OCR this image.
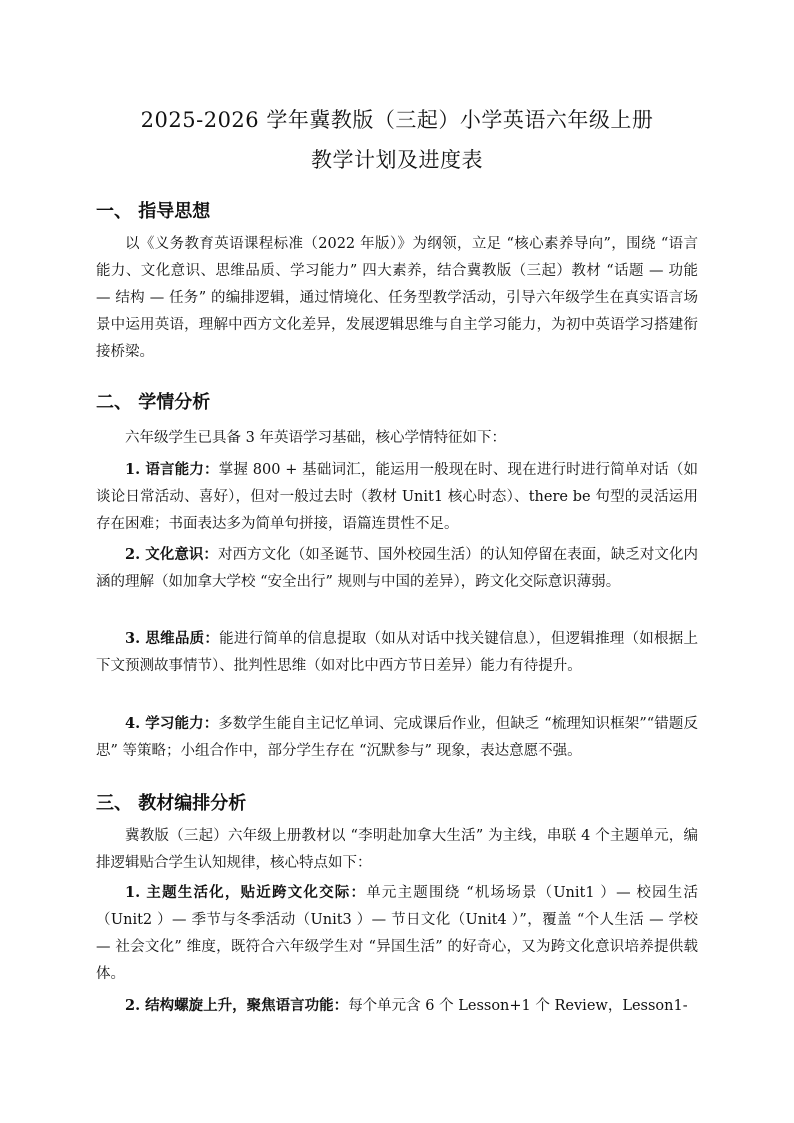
2025-2026 学年冀教版（三起）小学英语六年级上册
教学计划及进度表
一、 指导思想
以《义务教育英语课程标准（2022 年版）》为纲领，立足 “核心素养导向”，围绕 “语言能力、文化意识、思维品质、学习能力” 四大素养，结合冀教版（三起）教材 “话题 — 功能 — 结构 — 任务” 的编排逻辑，通过情境化、任务型教学活动，引导六年级学生在真实语言场景中运用英语，理解中西方文化差异，发展逻辑思维与自主学习能力，为初中英语学习搭建衔接桥梁。
二、 学情分析
六年级学生已具备 3 年英语学习基础，核心学情特征如下：
1. 语言能力：掌握 800 + 基础词汇，能运用一般现在时、现在进行时进行简单对话（如谈论日常活动、喜好），但对一般过去时（教材 Unit1 核心时态）、there be 句型的灵活运用存在困难；书面表达多为简单句拼接，语篇连贯性不足。
2. 文化意识：对西方文化（如圣诞节、国外校园生活）的认知停留在表面，缺乏对文化内涵的理解（如加拿大学校 “安全出行” 规则与中国的差异），跨文化交际意识薄弱。
3. 思维品质：能进行简单的信息提取（如从对话中找关键信息），但逻辑推理（如根据上下文预测故事情节）、批判性思维（如对比中西方节日差异）能力有待提升。
4. 学习能力：多数学生能自主记忆单词、完成课后作业，但缺乏 “梳理知识框架”“错题反思” 等策略；小组合作中，部分学生存在 “沉默参与” 现象，表达意愿不强。
三、 教材编排分析
冀教版（三起）六年级上册教材以 “李明赴加拿大生活” 为主线，串联 4 个主题单元，编排逻辑贴合学生认知规律，核心特点如下：
1. 主题生活化，贴近跨文化交际：单元主题围绕 “机场场景（Unit1 ）— 校园生活（Unit2 ）— 季节与冬季活动（Unit3 ）— 节日文化（Unit4 ）”，覆盖 “个人生活 — 学校 — 社会文化” 维度，既符合六年级学生对 “异国生活” 的好奇心，又为跨文化意识培养提供载体。
2. 结构螺旋上升，聚焦语言功能：每个单元含 6 个 Lesson+1 个 Review，Lesson1-
